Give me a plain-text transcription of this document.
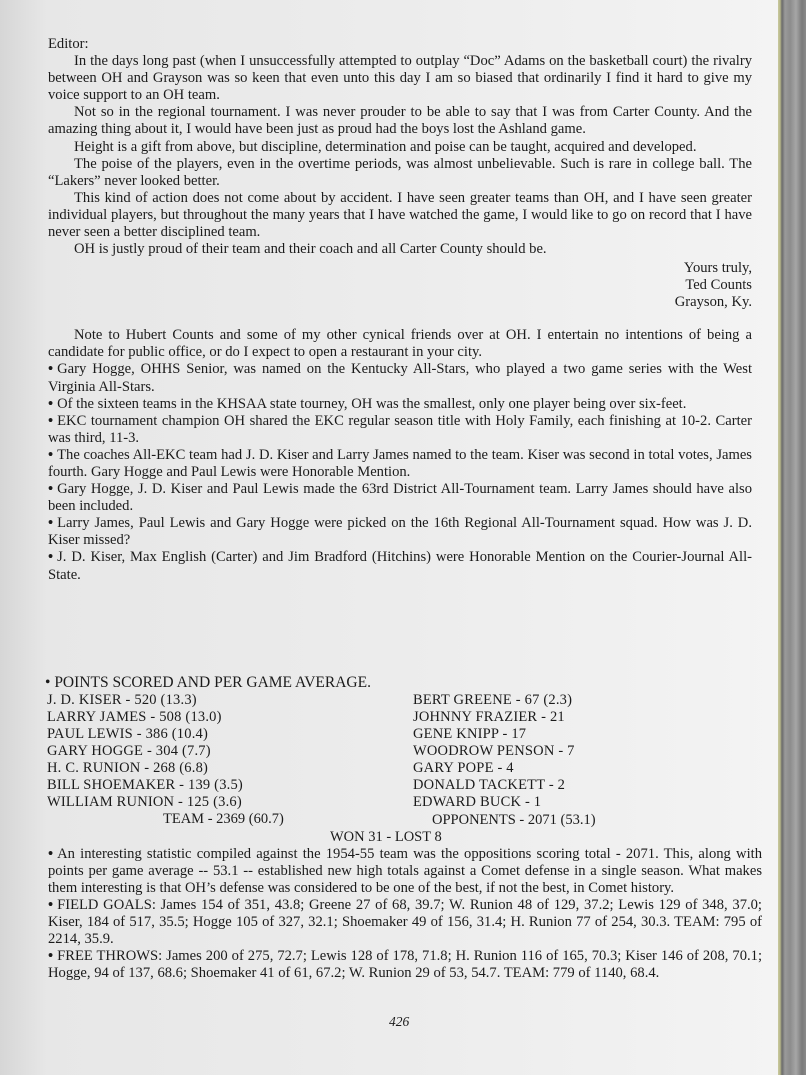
Editor:

In the days long past (when I unsuccessfully attempted to outplay “Doc” Adams on the basketball court) the rivalry between OH and Grayson was so keen that even unto this day I am so biased that ordinarily I find it hard to give my voice support to an OH team.

Not so in the regional tournament. I was never prouder to be able to say that I was from Carter County. And the amazing thing about it, I would have been just as proud had the boys lost the Ashland game.

Height is a gift from above, but discipline, determination and poise can be taught, acquired and developed.

The poise of the players, even in the overtime periods, was almost unbelievable. Such is rare in college ball. The “Lakers” never looked better.

This kind of action does not come about by accident. I have seen greater teams than OH, and I have seen greater individual players, but throughout the many years that I have watched the game, I would like to go on record that I have never seen a better disciplined team.

OH is justly proud of their team and their coach and all Carter County should be.

Yours truly,

Ted Counts

Grayson, Ky.

Note to Hubert Counts and some of my other cynical friends over at OH. I entertain no intentions of being a candidate for public office, or do I expect to open a restaurant in your city.

• Gary Hogge, OHHS Senior, was named on the Kentucky All-Stars, who played a two game series with the West Virginia All-Stars.

• Of the sixteen teams in the KHSAA state tourney, OH was the smallest, only one player being over six-feet.

• EKC tournament champion OH shared the EKC regular season title with Holy Family, each finishing at 10-2. Carter was third, 11-3.

• The coaches All-EKC team had J. D. Kiser and Larry James named to the team. Kiser was second in total votes, James fourth. Gary Hogge and Paul Lewis were Honorable Mention.

• Gary Hogge, J. D. Kiser and Paul Lewis made the 63rd District All-Tournament team. Larry James should have also been included.

• Larry James, Paul Lewis and Gary Hogge were picked on the 16th Regional All-Tournament squad. How was J. D. Kiser missed?

• J. D. Kiser, Max English (Carter) and Jim Bradford (Hitchins) were Honorable Mention on the Courier-Journal All-State.

• POINTS SCORED AND PER GAME AVERAGE.
J. D. KISER - 520 (13.3)
LARRY JAMES - 508 (13.0)
PAUL LEWIS - 386 (10.4)
GARY HOGGE - 304 (7.7)
H. C. RUNION - 268 (6.8)
BILL SHOEMAKER - 139 (3.5)
WILLIAM RUNION - 125 (3.6)
BERT GREENE - 67 (2.3)
JOHNNY FRAZIER - 21
GENE KNIPP - 17
WOODROW PENSON - 7
GARY POPE - 4
DONALD TACKETT - 2
EDWARD BUCK - 1
TEAM - 2369 (60.7)	OPPONENTS - 2071 (53.1)
WON 31 - LOST 8

• An interesting statistic compiled against the 1954-55 team was the oppositions scoring total - 2071. This, along with points per game average -- 53.1 -- established new high totals against a Comet defense in a single season. What makes them interesting is that OH’s defense was considered to be one of the best, if not the best, in Comet history.

• FIELD GOALS: James 154 of 351, 43.8; Greene 27 of 68, 39.7; W. Runion 48 of 129, 37.2; Lewis 129 of 348, 37.0; Kiser, 184 of 517, 35.5; Hogge 105 of 327, 32.1; Shoemaker 49 of 156, 31.4; H. Runion 77 of 254, 30.3. TEAM: 795 of 2214, 35.9.

• FREE THROWS: James 200 of 275, 72.7; Lewis 128 of 178, 71.8; H. Runion 116 of 165, 70.3; Kiser 146 of 208, 70.1; Hogge, 94 of 137, 68.6; Shoemaker 41 of 61, 67.2; W. Runion 29 of 53, 54.7. TEAM: 779 of 1140, 68.4.

426
